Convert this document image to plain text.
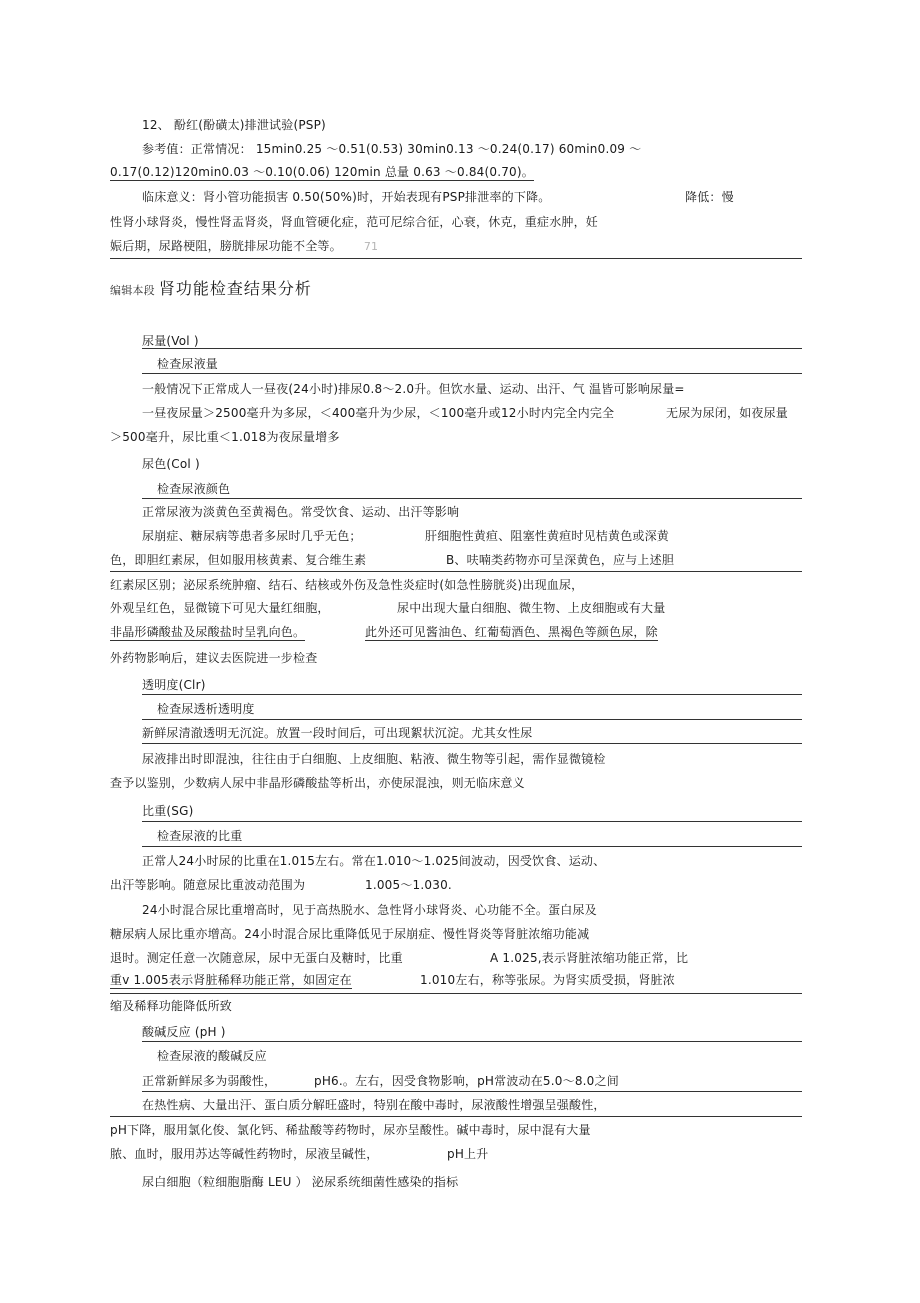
12、 酚红(酚磺太)排泄试验(PSP)
参考值：正常情况： 15min0.25 ～0.51(0.53) 30min0.13 ～0.24(0.17) 60min0.09 ～
0.17(0.12)120min0.03 ～0.10(0.06) 120min 总量 0.63 ～0.84(0.70)。
临床意义：肾小管功能损害 0.50(50%)时，开始表现有PSP排泄率的下降。	降低：慢
性肾小球肾炎，慢性肾盂肾炎，肾血管硬化症，范可尼综合征，心衰，休克，重症水肿，妊
娠后期，尿路梗阻，膀胱排尿功能不全等。 71
编辑本段 肾功能检查结果分析
尿量(Vol )
检查尿液量
一般情况下正常成人一昼夜(24小时)排尿0.8～2.0升。但饮水量、运动、出汗、气 温皆可影响尿量=
一昼夜尿量＞2500毫升为多尿，＜400毫升为少尿，＜100毫升或12小时内完全内完全	无尿为尿闭，如夜尿量
＞500毫升，尿比重＜1.018为夜尿量增多
尿色(Col )
检查尿液颜色
正常尿液为淡黄色至黄褐色。常受饮食、运动、出汗等影响
尿崩症、糖尿病等患者多尿时几乎无色；	肝细胞性黄疸、阻塞性黄疸时见桔黄色或深黄
色，即胆红素尿，但如服用核黄素、复合维生素	B、呋喃类药物亦可呈深黄色，应与上述胆
红素尿区别；泌尿系统肿瘤、结石、结核或外伤及急性炎症时(如急性膀胱炎)出现血尿，
外观呈红色，显微镜下可见大量红细胞，	尿中出现大量白细胞、微生物、上皮细胞或有大量
非晶形磷酸盐及尿酸盐时呈乳向色。	此外还可见酱油色、红葡萄酒色、黑褐色等颜色尿，除
外药物影响后，建议去医院进一步检查
透明度(Clr)
检查尿透析透明度
新鲜尿清澈透明无沉淀。放置一段时间后，可出现絮状沉淀。尤其女性尿
尿液排出时即混浊，往往由于白细胞、上皮细胞、粘液、微生物等引起，需作显微镜检
查予以鉴别，少数病人尿中非晶形磷酸盐等析出，亦使尿混浊，则无临床意义
比重(SG)
检查尿液的比重
正常人24小时尿的比重在1.015左右。常在1.010～1.025间波动，因受饮食、运动、
出汗等影响。随意尿比重波动范围为	1.005～1.030.
24小时混合尿比重增高时，见于高热脱水、急性肾小球肾炎、心功能不全。蛋白尿及
糖尿病人尿比重亦增高。24小时混合尿比重降低见于尿崩症、慢性肾炎等肾脏浓缩功能减
退时。测定任意一次随意尿，尿中无蛋白及糖时，比重	A 1.025,表示肾脏浓缩功能正常，比
重v 1.005表示肾脏稀释功能正常，如固定在	1.010左右，称等张尿。为肾实质受损，肾脏浓
缩及稀释功能降低所致
酸碱反应 (pH )
检查尿液的酸碱反应
正常新鲜尿多为弱酸性，	pH6.。左右，因受食物影响，pH常波动在5.0～8.0之间
在热性病、大量出汗、蛋白质分解旺盛时，特别在酸中毒时，尿液酸性增强呈强酸性，
pH下降，服用氯化俊、氯化钙、稀盐酸等药物时，尿亦呈酸性。碱中毒时，尿中混有大量
脓、血时，服用苏达等碱性药物时，尿液呈碱性，	pH上升
尿白细胞（粒细胞脂酶 LEU ） 泌尿系统细菌性感染的指标
